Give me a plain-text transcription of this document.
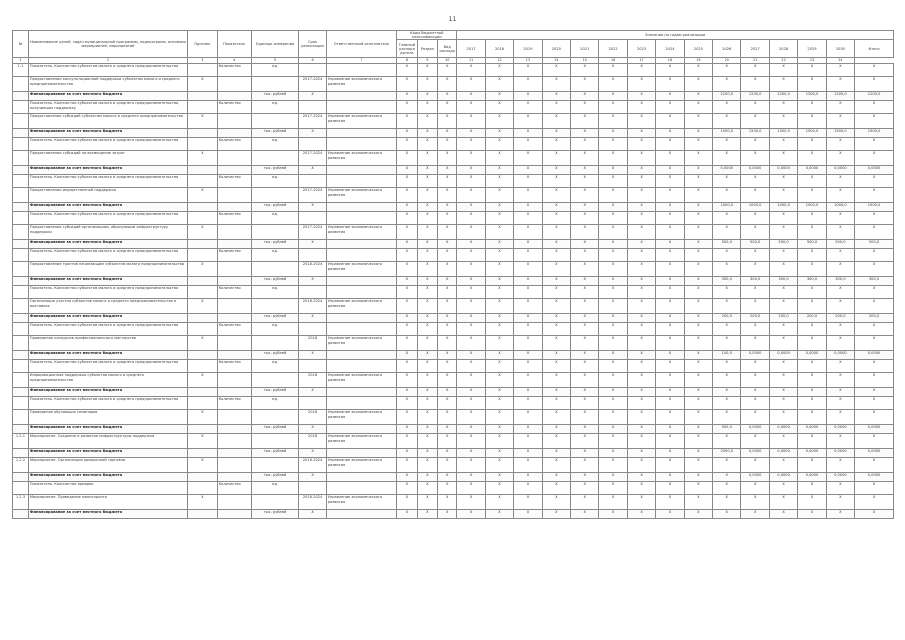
11
№	Наименование целей, задач муниципальной программы, подпрограмм, основных мероприятий, мероприятий	Признак	Показатель	Единица измерения	Срок реализации	Ответственный исполнитель	Коды бюджетной классификации			Значения по годам реализации														
							Главный распорядитель	Раздел	Вид расхода	2017	2018	2019	2020	2021	2022	2023	2024	2025	2026	2027	2028	2029	2030	Итого
1	2	3	4	5	6	7	8	9	10	11	12	13	14	15	16	17	18	19	20	21	22	23	24	
1.1	Показатель. Количество субъектов малого и среднего предпринимательства		Количество	ед.			X	X	X	X	X	X	X	X	X	X	X	X	X	X	X	X	X	X
	Предоставление консультационной поддержки субъектам малого и среднего предпринимательства	X			2017-2024	Управление экономического развития	X	X	X	X	X	X	X	X	X	X	X	X	X	X	X	X	X	X
	Финансирование за счет местного бюджета			тыс. рублей	X		X	X	X	X	X	X	X	X	X	X	X	X	2100,0	1200,0	1200,0	1200,0	1200,0	1200,0
	Показатель. Количество субъектов малого и среднего предпринимательства, получивших поддержку		Количество	ед.			X	X	X	X	X	X	X	X	X	X	X	X	X	X	X	X	X	X
	Предоставление субсидий субъектам малого и среднего предпринимательства	X			2017-2024	Управление экономического развития	X	X	X	X	X	X	X	X	X	X	X	X	X	X	X	X	X	X
	Финансирование за счет местного бюджета			тыс. рублей	X		X	X	X	X	X	X	X	X	X	X	X	X	1500,0	1500,0	1500,0	1500,0	1500,0	1500,0
	Показатель. Количество субъектов малого и среднего предпринимательства		Количество	ед.			X	X	X	X	X	X	X	X	X	X	X	X	X	X	X	X	X	X
	Предоставление субсидий на возмещение затрат	X			2017-2024	Управление экономического развития	X	X	X	X	X	X	X	X	X	X	X	X	X	X	X	X	X	X
	Финансирование за счет местного бюджета			тыс. рублей	X		X	X	X	X	X	X	X	X	X	X	X	X	0,0000	0,0000	0,0000	0,0000	0,0000	0,0000
	Показатель. Количество субъектов малого и среднего предпринимательства		Количество	ед.			X	X	X	X	X	X	X	X	X	X	X	X	X	X	X	X	X	X
	Предоставление имущественной поддержки	X			2017-2024	Управление экономического развития	X	X	X	X	X	X	X	X	X	X	X	X	X	X	X	X	X	X
	Финансирование за счет местного бюджета			тыс. рублей	X		X	X	X	X	X	X	X	X	X	X	X	X	1000,0	1000,0	1000,0	1000,0	1000,0	1000,0
	Показатель. Количество субъектов малого и среднего предпринимательства		Количество	ед.			X	X	X	X	X	X	X	X	X	X	X	X	X	X	X	X	X	X
	Предоставление субсидий организациям, образующим инфраструктуру поддержки	X			2017-2024	Управление экономического развития	X	X	X	X	X	X	X	X	X	X	X	X	X	X	X	X	X	X
	Финансирование за счет местного бюджета			тыс. рублей	X		X	X	X	X	X	X	X	X	X	X	X	X	500,0	500,0	500,0	500,0	500,0	500,0
	Показатель. Количество субъектов малого и среднего предпринимательства		Количество	ед.			X	X	X	X	X	X	X	X	X	X	X	X	X	X	X	X	X	X
	Предоставление грантов начинающим субъектам малого предпринимательства	X			2018-2024	Управление экономического развития	X	X	X	X	X	X	X	X	X	X	X	X	X	X	X	X	X	X
	Финансирование за счет местного бюджета			тыс. рублей	X		X	X	X	X	X	X	X	X	X	X	X	X	300,0	300,0	300,0	300,0	300,0	300,0
	Показатель. Количество субъектов малого и среднего предпринимательства		Количество	ед.			X	X	X	X	X	X	X	X	X	X	X	X	X	X	X	X	X	X
	Организация участия субъектов малого и среднего предпринимательства в выставках	X			2018-2024	Управление экономического развития	X	X	X	X	X	X	X	X	X	X	X	X	X	X	X	X	X	X
	Финансирование за счет местного бюджета			тыс. рублей	X		X	X	X	X	X	X	X	X	X	X	X	X	200,0	200,0	200,0	200,0	200,0	200,0
	Показатель. Количество субъектов малого и среднего предпринимательства		Количество	ед.			X	X	X	X	X	X	X	X	X	X	X	X	X	X	X	X	X	X
	Проведение конкурсов профессионального мастерства	X			2018	Управление экономического развития	X	X	X	X	X	X	X	X	X	X	X	X	X	X	X	X	X	X
	Финансирование за счет местного бюджета			тыс. рублей	X		X	X	X	X	X	X	X	X	X	X	X	X	100,0	0,0000	0,0000	0,0000	0,0000	0,0000
	Показатель. Количество субъектов малого и среднего предпринимательства		Количество	ед.			X	X	X	X	X	X	X	X	X	X	X	X	X	X	X	X	X	X
	Информационная поддержка субъектов малого и среднего предпринимательства	X			2018	Управление экономического развития	X	X	X	X	X	X	X	X	X	X	X	X	X	X	X	X	X	X
	Финансирование за счет местного бюджета			тыс. рублей	X		X	X	X	X	X	X	X	X	X	X	X	X	X	X	X	X	X	X
	Показатель. Количество субъектов малого и среднего предпринимательства		Количество	ед.			X	X	X	X	X	X	X	X	X	X	X	X	X	X	X	X	X	X
	Проведение обучающих семинаров	X			2018	Управление экономического развития	X	X	X	X	X	X	X	X	X	X	X	X	X	X	X	X	X	X
	Финансирование за счет местного бюджета			тыс. рублей	X		X	X	X	X	X	X	X	X	X	X	X	X	500,0	0,0000	0,0000	0,0000	0,0000	0,0000
1.2.1	Мероприятие. Создание и развитие инфраструктуры поддержки	X			2018	Управление экономического развития	X	X	X	X	X	X	X	X	X	X	X	X	X	X	X	X	X	X
	Финансирование за счет местного бюджета			тыс. рублей	X		X	X	X	X	X	X	X	X	X	X	X	X	2000,0	0,0000	0,0000	0,0000	0,0000	0,0000
1.2.2	Мероприятие. Организация ярмарочной торговли	X			2018-2024	Управление экономического развития	X	X	X	X	X	X	X	X	X	X	X	X	X	X	X	X	X	X
	Финансирование за счет местного бюджета			тыс. рублей	X		X	X	X	X	X	X	X	X	X	X	X	X	0	0,0000	0,0000	0,0000	0,0000	0,0000
	Показатель. Количество ярмарок		Количество	ед.			X	X	X	X	X	X	X	X	X	X	X	X	X	X	X	X	X	X
1.2.3	Мероприятие. Проведение мониторинга	X			2018-2024	Управление экономического развития	X	X	X	X	X	X	X	X	X	X	X	X	X	X	X	X	X	X
	Финансирование за счет местного бюджета			тыс. рублей	X		X	X	X	X	X	X	X	X	X	X	X	X	X	X	X	X	X	X
